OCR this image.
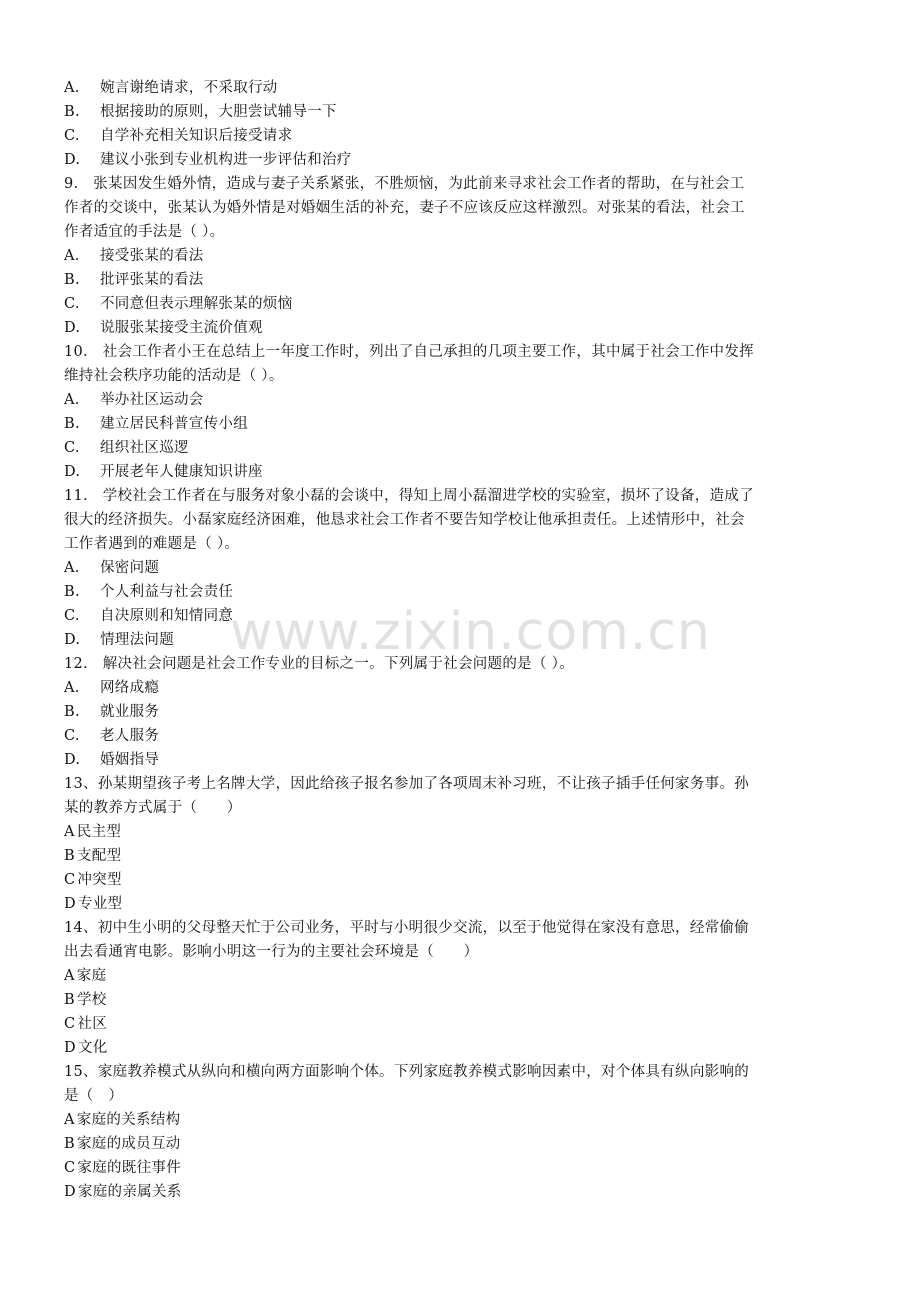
A.	婉言谢绝请求，不采取行动
B.	根据接助的原则，大胆尝试辅导一下
C.	自学补充相关知识后接受请求
D.	建议小张到专业机构进一步评估和治疗
9.　张某因发生婚外情，造成与妻子关系紧张，不胜烦恼，为此前来寻求社会工作者的帮助，在与社会工
作者的交谈中，张某认为婚外情是对婚姻生活的补充，妻子不应该反应这样激烈。对张某的看法，社会工
作者适宜的手法是（ ）。
A.	接受张某的看法
B.	批评张某的看法
C.	不同意但表示理解张某的烦恼
D.	说服张某接受主流价值观
10.　社会工作者小王在总结上一年度工作时，列出了自己承担的几项主要工作，其中属于社会工作中发挥
维持社会秩序功能的活动是（ ）。
A.	举办社区运动会
B.	建立居民科普宣传小组
C.	组织社区巡逻
D.	开展老年人健康知识讲座
11.　学校社会工作者在与服务对象小磊的会谈中，得知上周小磊溜进学校的实验室，损坏了设备，造成了
很大的经济损失。小磊家庭经济困难，他恳求社会工作者不要告知学校让他承担责任。上述情形中，社会
工作者遇到的难题是（ ）。
A.	保密问题
B.	个人利益与社会责任
C.	自决原则和知情同意
D.	情理法问题
12.　解决社会问题是社会工作专业的目标之一。下列属于社会问题的是（ ）。
A.	网络成瘾
B.	就业服务
C.	老人服务
D.	婚姻指导
13、孙某期望孩子考上名牌大学，因此给孩子报名参加了各项周末补习班，不让孩子插手任何家务事。孙
某的教养方式属于（　　）
A 民主型
B 支配型
C 冲突型
D 专业型
14、初中生小明的父母整天忙于公司业务，平时与小明很少交流，以至于他觉得在家没有意思，经常偷偷
出去看通宵电影。影响小明这一行为的主要社会环境是（　　）
A 家庭
B 学校
C 社区
D 文化
15、家庭教养模式从纵向和横向两方面影响个体。下列家庭教养模式影响因素中，对个体具有纵向影响的
是（　）
A 家庭的关系结构
B 家庭的成员互动
C 家庭的既往事件
D 家庭的亲属关系
www.zixin.com.cn
